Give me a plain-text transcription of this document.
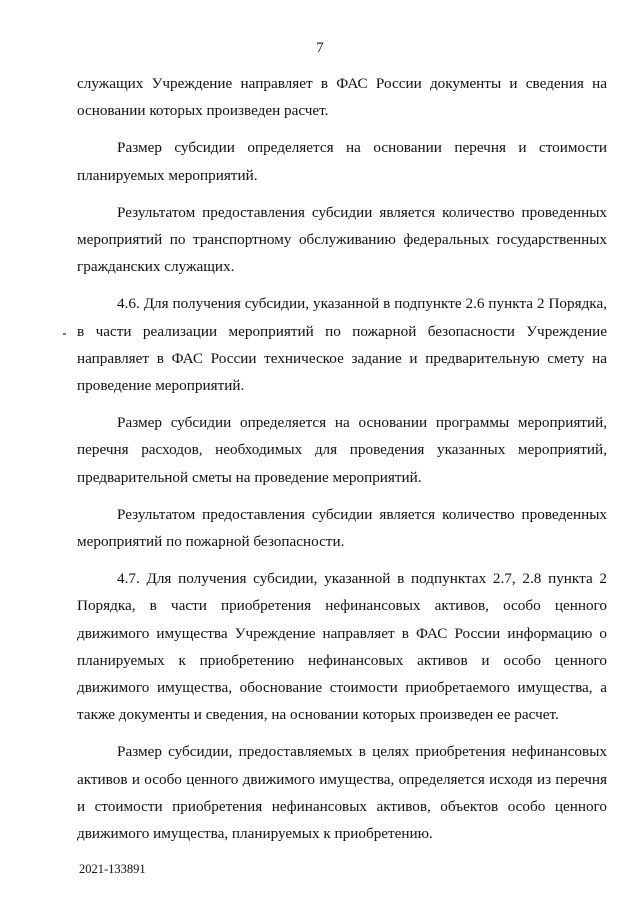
7

служащих Учреждение направляет в ФАС России документы и сведения на основании которых произведен расчет.

Размер субсидии определяется на основании перечня и стоимости планируемых мероприятий.

Результатом предоставления субсидии является количество проведенных мероприятий по транспортному обслуживанию федеральных государственных гражданских служащих.

4.6. Для получения субсидии, указанной в подпункте 2.6 пункта 2 Порядка, в части реализации мероприятий по пожарной безопасности Учреждение направляет в ФАС России техническое задание и предварительную смету на проведение мероприятий.

Размер субсидии определяется на основании программы мероприятий, перечня расходов, необходимых для проведения указанных мероприятий, предварительной сметы на проведение мероприятий.

Результатом предоставления субсидии является количество проведенных мероприятий по пожарной безопасности.

4.7. Для получения субсидии, указанной в подпунктах 2.7, 2.8 пункта 2 Порядка, в части приобретения нефинансовых активов, особо ценного движимого имущества Учреждение направляет в ФАС России информацию о планируемых к приобретению нефинансовых активов и особо ценного движимого имущества, обоснование стоимости приобретаемого имущества, а также документы и сведения, на основании которых произведен ее расчет.

Размер субсидии, предоставляемых в целях приобретения нефинансовых активов и особо ценного движимого имущества, определяется исходя из перечня и стоимости приобретения нефинансовых активов, объектов особо ценного движимого имущества, планируемых к приобретению.

2021-133891
